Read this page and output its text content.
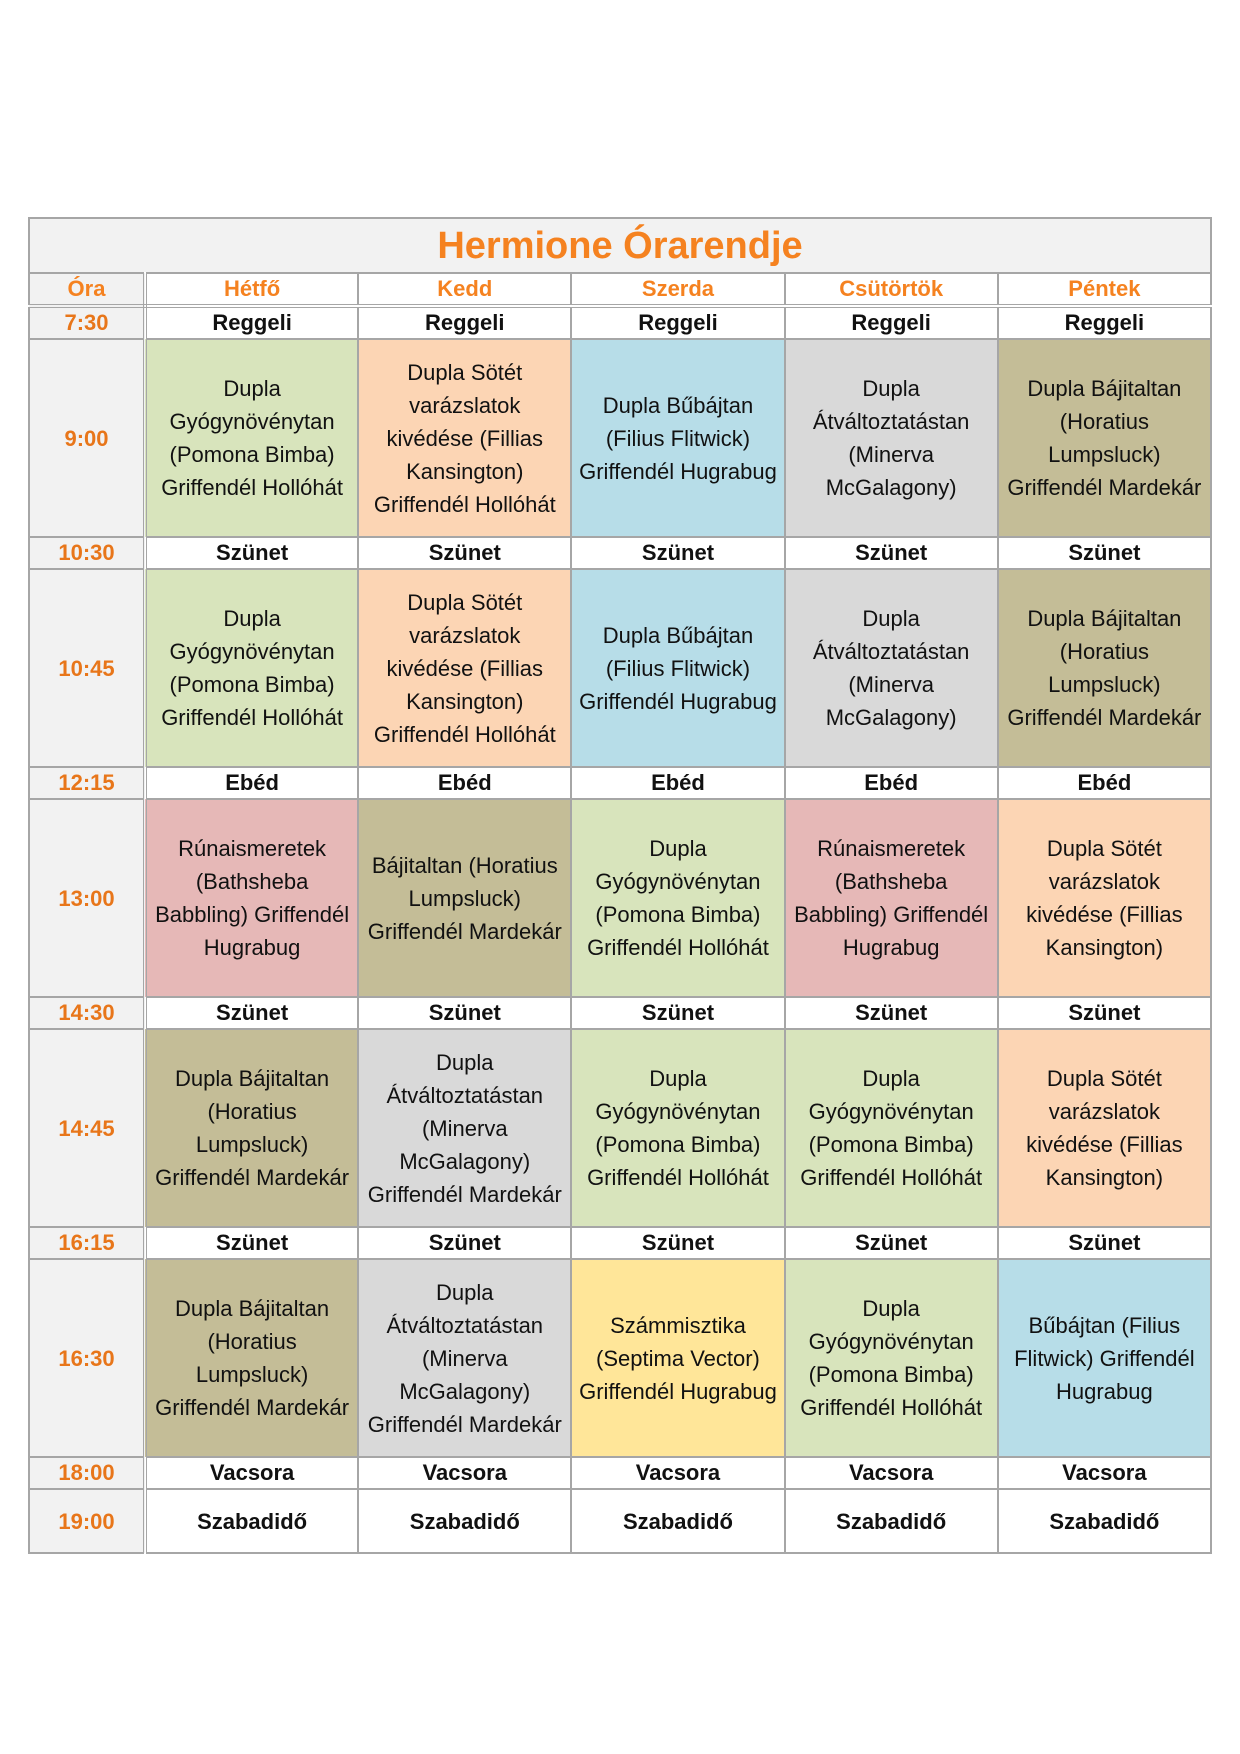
Hermione Órarendje
Óra	Hétfő	Kedd	Szerda	Csütörtök	Péntek
7:30	Reggeli	Reggeli	Reggeli	Reggeli	Reggeli
9:00	Dupla Gyógynövénytan (Pomona Bimba) Griffendél Hollóhát	Dupla Sötét varázslatok kivédése (Fillias Kansington) Griffendél Hollóhát	Dupla Bűbájtan (Filius Flitwick) Griffendél Hugrabug	Dupla Átváltoztatástan (Minerva McGalagony)	Dupla Bájitaltan (Horatius Lumpsluck) Griffendél Mardekár
10:30	Szünet	Szünet	Szünet	Szünet	Szünet
10:45	Dupla Gyógynövénytan (Pomona Bimba) Griffendél Hollóhát	Dupla Sötét varázslatok kivédése (Fillias Kansington) Griffendél Hollóhát	Dupla Bűbájtan (Filius Flitwick) Griffendél Hugrabug	Dupla Átváltoztatástan (Minerva McGalagony)	Dupla Bájitaltan (Horatius Lumpsluck) Griffendél Mardekár
12:15	Ebéd	Ebéd	Ebéd	Ebéd	Ebéd
13:00	Rúnaismeretek (Bathsheba Babbling) Griffendél Hugrabug	Bájitaltan (Horatius Lumpsluck) Griffendél Mardekár	Dupla Gyógynövénytan (Pomona Bimba) Griffendél Hollóhát	Rúnaismeretek (Bathsheba Babbling) Griffendél Hugrabug	Dupla Sötét varázslatok kivédése (Fillias Kansington)
14:30	Szünet	Szünet	Szünet	Szünet	Szünet
14:45	Dupla Bájitaltan (Horatius Lumpsluck) Griffendél Mardekár	Dupla Átváltoztatástan (Minerva McGalagony) Griffendél Mardekár	Dupla Gyógynövénytan (Pomona Bimba) Griffendél Hollóhát	Dupla Gyógynövénytan (Pomona Bimba) Griffendél Hollóhát	Dupla Sötét varázslatok kivédése (Fillias Kansington)
16:15	Szünet	Szünet	Szünet	Szünet	Szünet
16:30	Dupla Bájitaltan (Horatius Lumpsluck) Griffendél Mardekár	Dupla Átváltoztatástan (Minerva McGalagony) Griffendél Mardekár	Számmisztika (Septima Vector) Griffendél Hugrabug	Dupla Gyógynövénytan (Pomona Bimba) Griffendél Hollóhát	Bűbájtan (Filius Flitwick) Griffendél Hugrabug
18:00	Vacsora	Vacsora	Vacsora	Vacsora	Vacsora
19:00	Szabadidő	Szabadidő	Szabadidő	Szabadidő	Szabadidő
